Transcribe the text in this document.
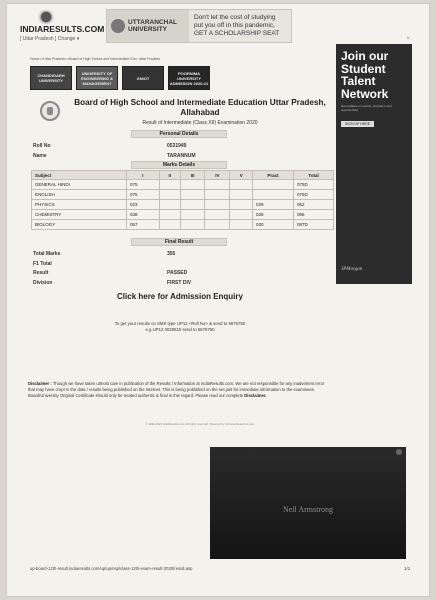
INDIARESULTS.COM
[ Uttar Pradesh ] Change ▾
UTTARANCHAL UNIVERSITY
Don't let the cost of studying
put you off in this pandemic,
GET A SCHOLARSHIP SEAT
Home>>Uttar Pradesh>>Board of High School and Intermediate Edu. Uttar Pradesh
CHANDIGARH UNIVERSITY
UNIVERSITY OF ENGINEERING & MANAGEMENT
GNIOT
POORNIMA UNIVERSITY ADMISSION 2020-21
×
Join our Student Talent Network
Get updates on events, programs and opportunities
SIGN UP HERE
JPMorgan
Board of High School and Intermediate Education Uttar Pradesh, Allahabad
Result of Intermediate (Class XII) Examination 2020
Personal Details
Roll No	0531949
Name	TARANNUM
Marks Details
Subject	I	II	III	IV	V	Pract	Total
GENERAL HINDI	075						075D
ENGLISH	075						075D
PHYSICS	023					029	052
CHEMISTRY	038					028	066
BIOLOGY	057					030	087D
Final Result
Total Marks	355
F1 Total
Result	PASSED
Division	FIRST DIV
Click here for Admission Enquiry
To get your results on SMS type UP12 <Roll No> & send to 5676750
e.g.UP12 0020615 send to 5676750
Disclaimer : Though we have taken utmost care in publication of the Results / Information at IndiaResults.com. We are not responsible for any inadvertent error that may have crept in the data / results being published on the Internet. This is being published on the net just for immediate information to the examinees. Board/University Original Certificate should only be treated authentic & final in this regard. Please read our complete Disclaimer.
© 2000-2020 IndiaResults.com. All rights reserved. Powered by: chromeinfotechno.com
Neil Armstrong
up-board-12th-result.indiaresults.com/up/upmsp/class-12th-exam-result-2020/result.asp	1/1
